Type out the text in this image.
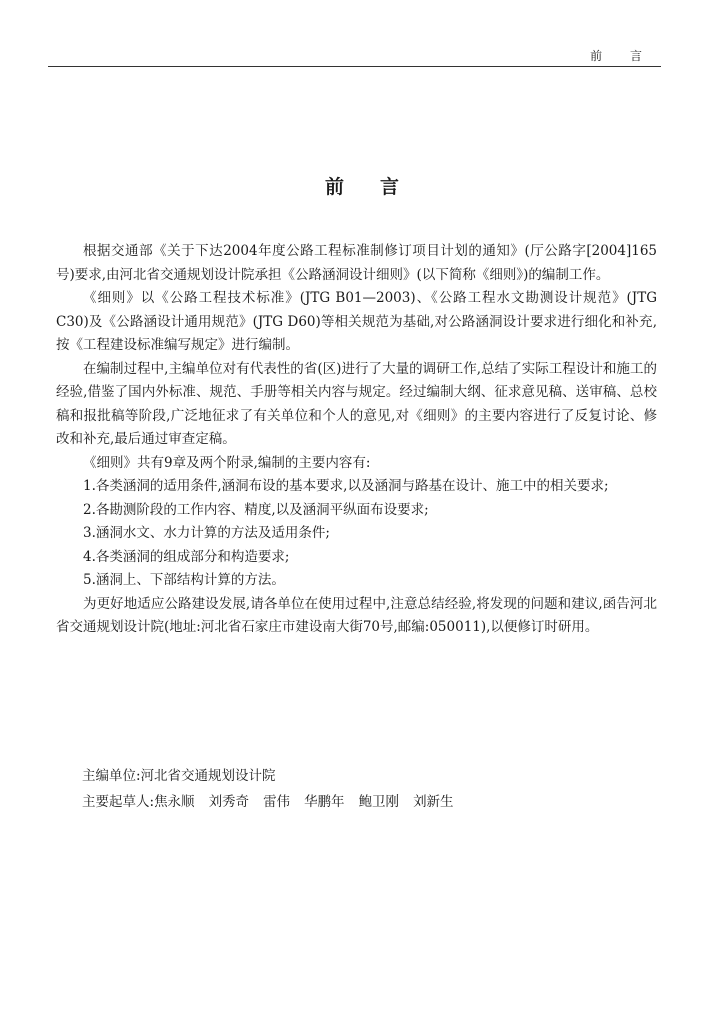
前 言
前言

根据交通部《关于下达2004年度公路工程标准制修订项目计划的通知》(厅公路字[2004]165号)要求,由河北省交通规划设计院承担《公路涵洞设计细则》(以下简称《细则》)的编制工作。

《细则》以《公路工程技术标准》(JTG B01—2003)、《公路工程水文勘测设计规范》(JTG C30)及《公路涵设计通用规范》(JTG D60)等相关规范为基础,对公路涵洞设计要求进行细化和补充,按《工程建设标准编写规定》进行编制。

在编制过程中,主编单位对有代表性的省(区)进行了大量的调研工作,总结了实际工程设计和施工的经验,借鉴了国内外标准、规范、手册等相关内容与规定。经过编制大纲、征求意见稿、送审稿、总校稿和报批稿等阶段,广泛地征求了有关单位和个人的意见,对《细则》的主要内容进行了反复讨论、修改和补充,最后通过审查定稿。

《细则》共有9章及两个附录,编制的主要内容有:

1.各类涵洞的适用条件,涵洞布设的基本要求,以及涵洞与路基在设计、施工中的相关要求;

2.各勘测阶段的工作内容、精度,以及涵洞平纵面布设要求;

3.涵洞水文、水力计算的方法及适用条件;

4.各类涵洞的组成部分和构造要求;

5.涵洞上、下部结构计算的方法。

为更好地适应公路建设发展,请各单位在使用过程中,注意总结经验,将发现的问题和建议,函告河北省交通规划设计院(地址:河北省石家庄市建设南大街70号,邮编:050011),以便修订时研用。

主编单位:河北省交通规划设计院
主要起草人:焦永顺 刘秀奇 雷伟 华鹏年 鲍卫刚 刘新生
